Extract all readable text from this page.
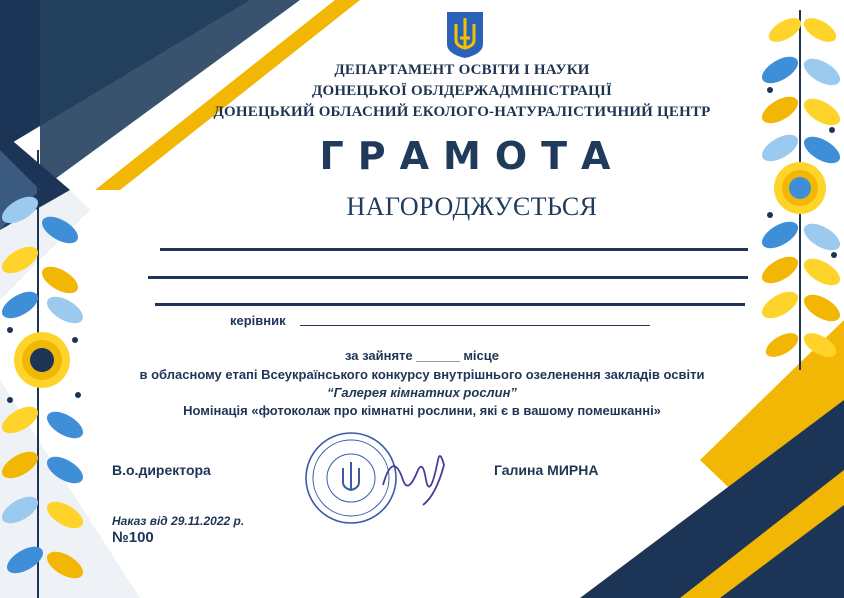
ДЕПАРТАМЕНТ ОСВІТИ І НАУКИ
ДОНЕЦЬКОЇ ОБЛДЕРЖАДМІНІСТРАЦІЇ
ДОНЕЦЬКИЙ ОБЛАСНИЙ ЕКОЛОГО-НАТУРАЛІСТИЧНИЙ ЦЕНТР
ГРАМОТА
НАГОРОДЖУЄТЬСЯ
керівник
за зайняте ______ місце
в обласному етапі Всеукраїнського конкурсу внутрішнього озеленення закладів освіти
“Галерея кімнатних рослин”
Номінація «фотоколаж про кімнатні рослини, які є в вашому помешканні»
В.о.директора	Галина МИРНА
Наказ від 29.11.2022 р.
№100
